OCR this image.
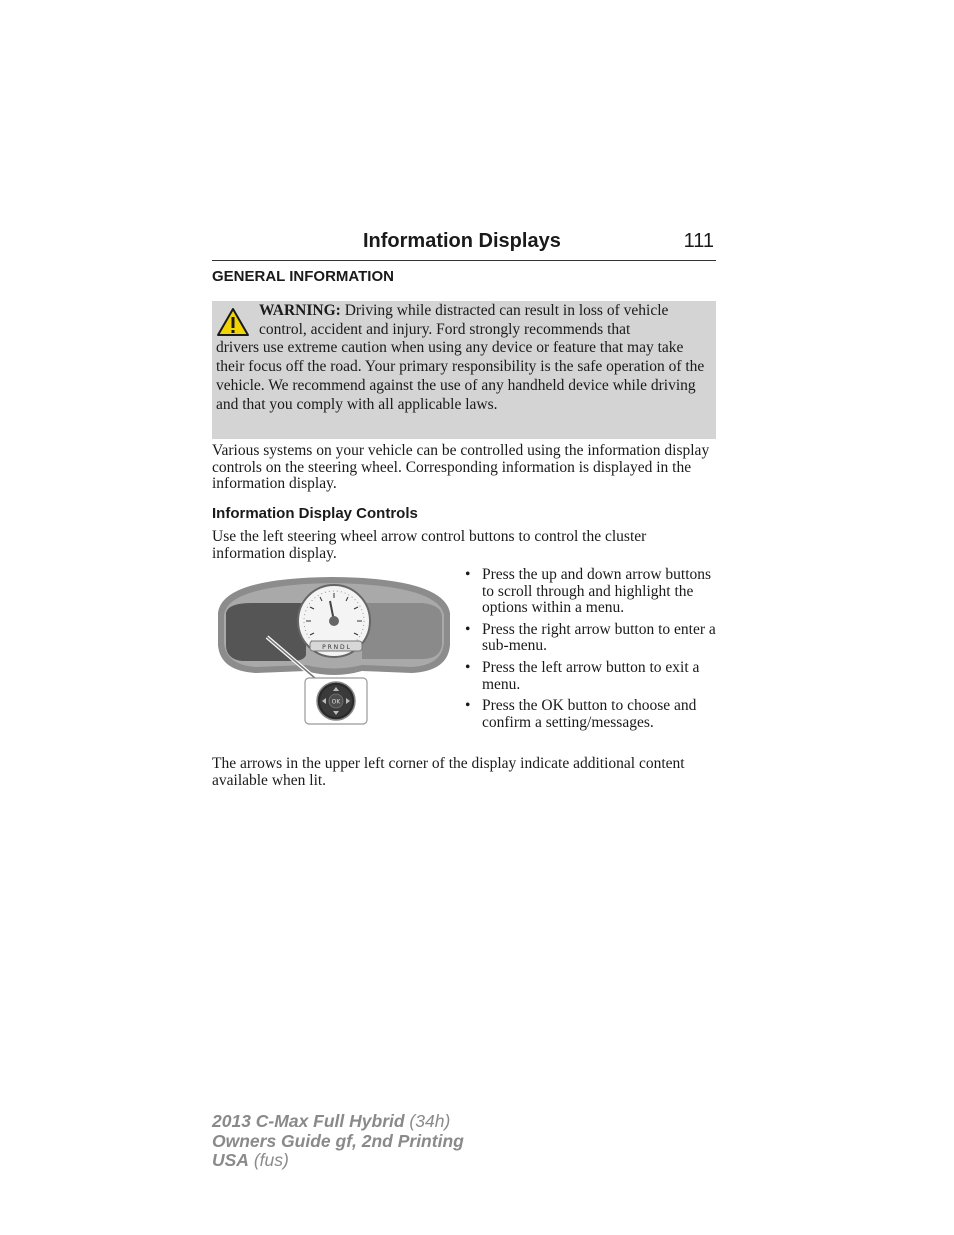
Information Displays	111
GENERAL INFORMATION
WARNING: Driving while distracted can result in loss of vehicle
control, accident and injury. Ford strongly recommends that
drivers use extreme caution when using any device or feature that may take their focus off the road. Your primary responsibility is the safe operation of the vehicle. We recommend against the use of any handheld device while driving and that you comply with all applicable laws.
Various systems on your vehicle can be controlled using the information display controls on the steering wheel. Corresponding information is displayed in the information display.
Information Display Controls
Use the left steering wheel arrow control buttons to control the cluster information display.
P R N D L
OK
• Press the up and down arrow buttons to scroll through and highlight the options within a menu.
• Press the right arrow button to enter a sub-menu.
• Press the left arrow button to exit a menu.
• Press the OK button to choose and confirm a setting/messages.
The arrows in the upper left corner of the display indicate additional content available when lit.
2013 C-Max Full Hybrid (34h)
Owners Guide gf, 2nd Printing
USA (fus)
